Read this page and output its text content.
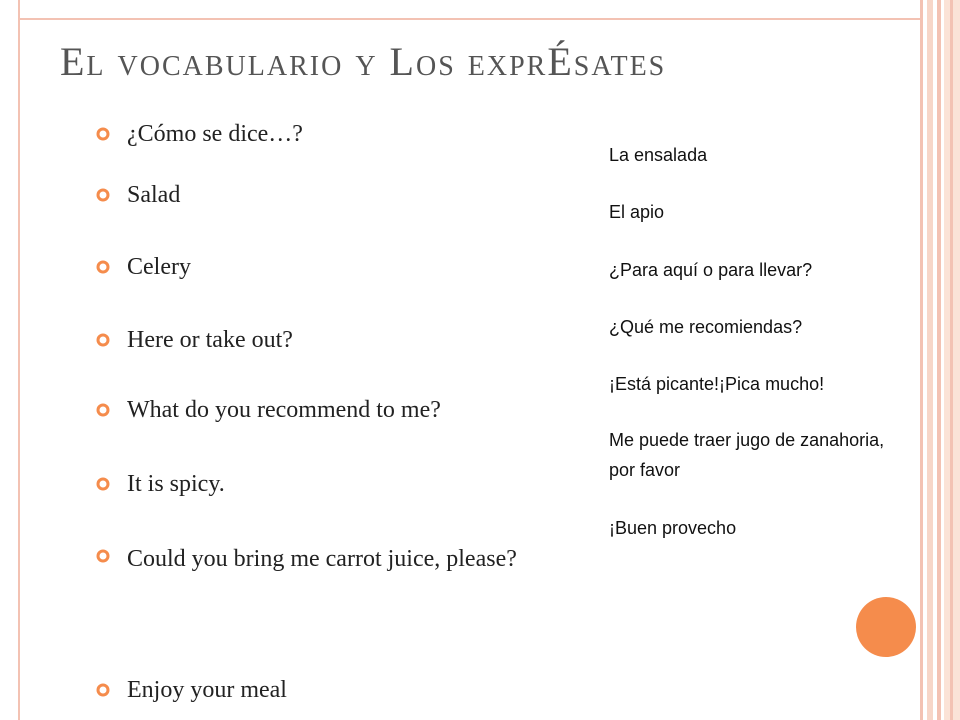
El vocabulario y Los exprÉsates
¿Cómo se dice…?
Salad
Celery
Here or take out?
What do you recommend to me?
It is spicy.
Could you bring me carrot juice, please?
Enjoy your meal
La ensalada
El apio
¿Para aquí o para llevar?
¿Qué me recomiendas?
¡Está picante!¡Pica mucho!
Me puede traer jugo de zanahoria, por favor
¡Buen provecho
